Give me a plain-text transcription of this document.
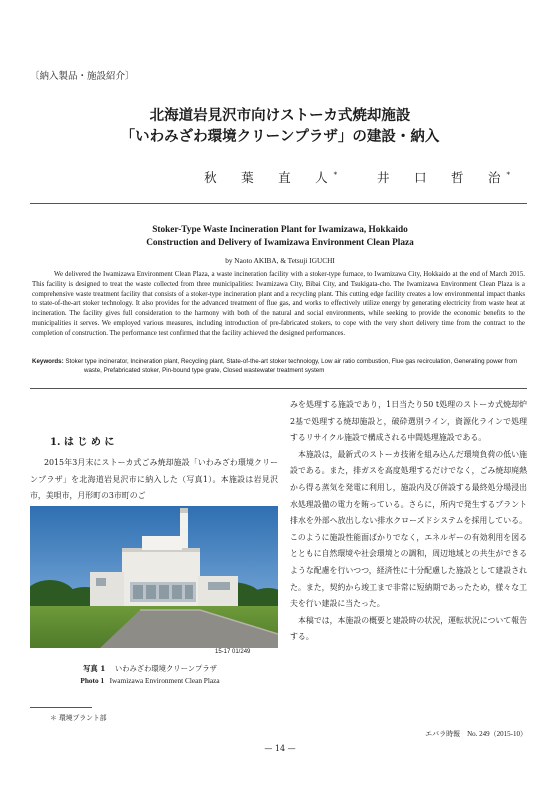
〔納入製品・施設紹介〕
北海道岩見沢市向けストーカ式焼却施設
「いわみざわ環境クリーンプラザ」の建設・納入
秋　葉　直　人*	井　口　哲　治*
Stoker-Type Waste Incineration Plant for Iwamizawa, Hokkaido
Construction and Delivery of Iwamizawa Environment Clean Plaza
by Naoto AKIBA, & Tetsuji IGUCHI
We delivered the Iwamizawa Environment Clean Plaza, a waste incineration facility with a stoker-type furnace, to Iwamizawa City, Hokkaido at the end of March 2015. This facility is designed to treat the waste collected from three municipalities: Iwamizawa City, Bibai City, and Tsukigata-cho. The Iwamizawa Environment Clean Plaza is a comprehensive waste treatment facility that consists of a stoker-type incineration plant and a recycling plant. This cutting edge facility creates a low environmental impact thanks to state-of-the-art stoker technology. It also provides for the advanced treatment of flue gas, and works to effectively utilize energy by generating electricity from waste heat at incineration. The facility gives full consideration to the harmony with both of the natural and social environments, while seeking to provide the economic benefits to the municipalities it serves. We employed various measures, including introduction of pre-fabricated stokers, to cope with the very short delivery time from the contract to the completion of construction. The performance test confirmed that the facility achieved the designed performances.
Keywords: Stoker type incinerator, Incineration plant, Recycling plant, State-of-the-art stoker technology, Low air ratio combustion, Flue gas recirculation, Generating power from waste, Prefabricated stoker, Pin-bound type grate, Closed wastewater treatment system
1. は じ め に
2015年3月末にストーカ式ごみ焼却施設「いわみざわ環境クリーンプラザ」を北海道岩見沢市に納入した（写真1）。本施設は岩見沢市，美唄市，月形町の3市町のご
15-17 01/249
写真 1　 いわみざわ環境クリーンプラザ
Photo 1 Iwamizawa Environment Clean Plaza

みを処理する施設であり，1日当たり50 t処理のストーカ式焼却炉2基で処理する焼却施設と，破砕選別ライン，資源化ラインで処理するリサイクル施設で構成される中間処理施設である。

本施設は，最新式のストーカ技術を組み込んだ環境負荷の低い施設である。また，排ガスを高度処理するだけでなく，ごみ焼却廃熱から得る蒸気を発電に利用し，施設内及び併設する最終処分場浸出水処理設備の電力を賄っている。さらに，所内で発生するプラント排水を外部へ放出しない排水クローズドシステムを採用している。このように施設性能面ばかりでなく，エネルギーの有効利用を図るとともに自然環境や社会環境との調和，周辺地域との共生ができるような配慮を行いつつ，経済性に十分配慮した施設として建設された。また，契約から竣工まで非常に短納期であったため，様々な工夫を行い建設に当たった。

本稿では，本施設の概要と建設時の状況，運転状況について報告する。

＊ 環境プラント部
エバラ時報　No. 249（2015-10）
— 14 —
